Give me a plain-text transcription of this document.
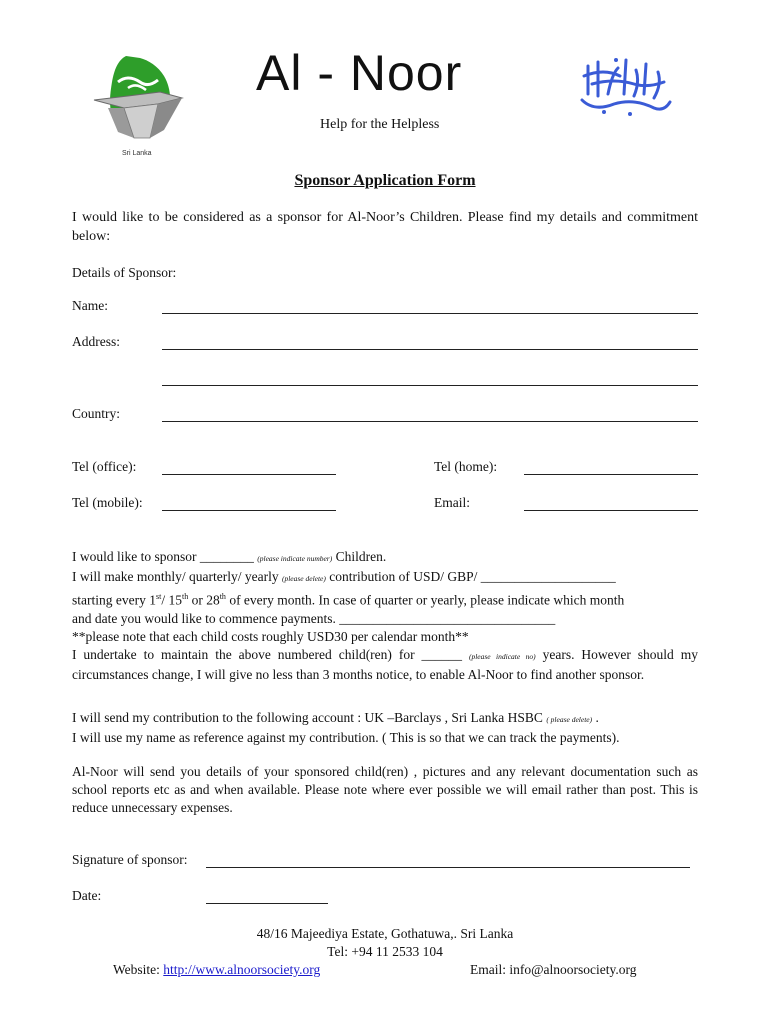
Sri Lanka
Al - Noor
Help for the Helpless
Sponsor Application Form

I would like to be considered as a sponsor for Al-Noor’s Children. Please find my details and commitment below:

Details of Sponsor:
Name:
Address:
Country:
Tel (office):	Tel (home):
Tel (mobile):	Email:
I would like to sponsor ________ (please indicate number) Children.
I will make monthly/ quarterly/ yearly (please delete) contribution of USD/ GBP/ ____________________
starting every 1st/ 15th or 28th of every month. In case of quarter or yearly, please indicate which month
and date you would like to commence payments. ________________________________
**please note that each child costs roughly USD30 per calendar month**
I undertake to maintain the above numbered child(ren) for ______ (please indicate no) years. However should my circumstances change, I will give no less than 3 months notice, to enable Al-Noor to find another sponsor.
I will send my contribution to the following account : UK –Barclays , Sri Lanka HSBC ( please delete) .
I will use my name as reference against my contribution. ( This is so that we can track the payments).

Al-Noor will send you details of your sponsored child(ren) , pictures and any relevant documentation such as school reports etc as and when available. Please note where ever possible we will email rather than post. This is reduce unnecessary expenses.

Signature of sponsor:
Date:
48/16 Majeediya Estate, Gothatuwa,. Sri Lanka
Tel: +94 11 2533 104
Website: http://www.alnoorsociety.org	Email: info@alnoorsociety.org
